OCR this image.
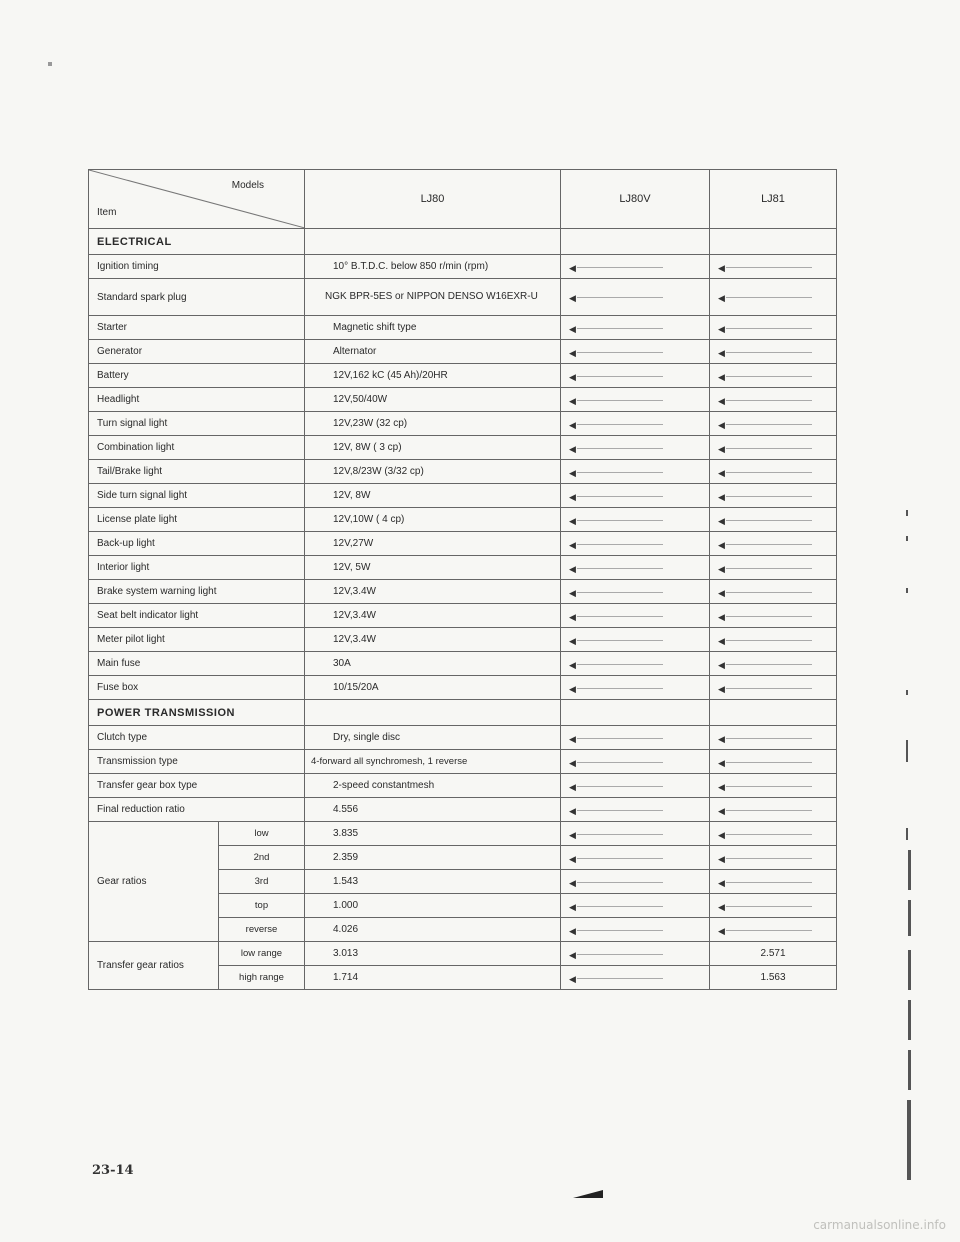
Models
Item		LJ80	LJ80V	LJ81
ELECTRICAL				
Ignition timing		10° B.T.D.C. below 850 r/min (rpm)	◀	◀

Standard spark plug		NGK BPR-5ES or NIPPON DENSO W16EXR-U	◀	◀

Starter		Magnetic shift type	◀	◀

Generator		Alternator	◀	◀

Battery		12V,162 kC (45 Ah)/20HR	◀	◀

Headlight		12V,50/40W	◀	◀

Turn signal light		12V,23W (32 cp)	◀	◀

Combination light		12V, 8W ( 3 cp)	◀	◀

Tail/Brake light		12V,8/23W (3/32 cp)	◀	◀

Side turn signal light		12V, 8W	◀	◀

License plate light		12V,10W ( 4 cp)	◀	◀

Back-up light		12V,27W	◀	◀

Interior light		12V, 5W	◀	◀

Brake system warning light		12V,3.4W	◀	◀

Seat belt indicator light		12V,3.4W	◀	◀

Meter pilot light		12V,3.4W	◀	◀

Main fuse		30A	◀	◀

Fuse box		10/15/20A	◀	◀

POWER TRANSMISSION				
Clutch type		Dry, single disc	◀	◀

Transmission type		4-forward all synchromesh, 1 reverse	◀	◀

Transfer gear box type		2-speed constantmesh	◀	◀

Final reduction ratio		4.556	◀	◀

Gear ratios	low	3.835	◀	◀

	2nd	2.359	◀	◀

	3rd	1.543	◀	◀

	top	1.000	◀	◀

	reverse	4.026	◀	◀

Transfer gear ratios	low range	3.013	◀	2.571
	high range	1.714	◀	1.563
23-14
carmanualsonline.info
